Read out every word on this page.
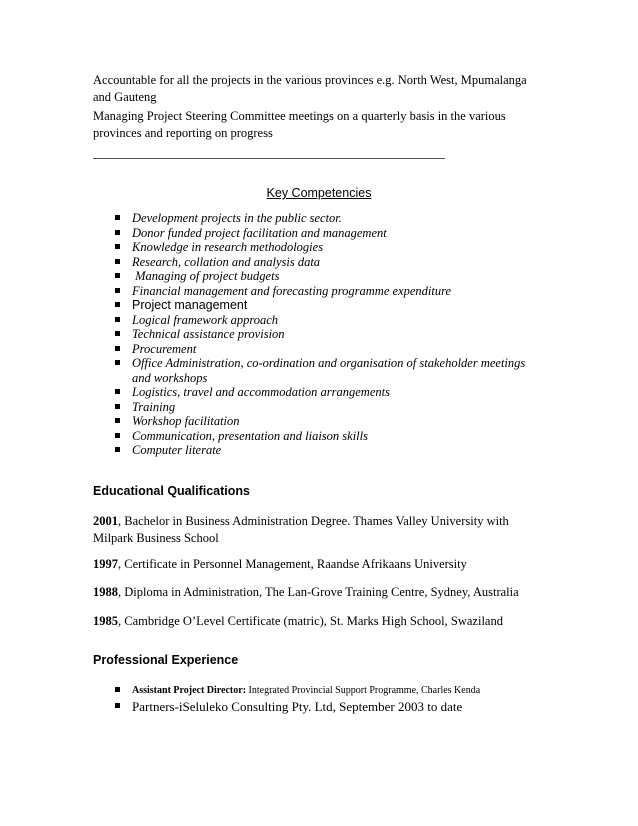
Accountable for all the projects in the various provinces e.g. North West, Mpumalanga and Gauteng
Managing Project Steering Committee meetings on a quarterly basis in the various provinces and reporting on progress
Key Competencies
Development projects in the public sector.
Donor funded project facilitation and management
Knowledge in research methodologies
Research, collation and analysis data
Managing of project budgets
Financial management and forecasting programme expenditure
Project management
Logical framework approach
Technical assistance provision
Procurement
Office Administration, co-ordination and organisation of stakeholder meetings and workshops
Logistics, travel and accommodation arrangements
Training
Workshop facilitation
Communication, presentation and liaison skills
Computer literate
Educational Qualifications
2001, Bachelor in Business Administration Degree. Thames Valley University with Milpark Business School
1997, Certificate in Personnel Management, Raandse Afrikaans University
1988, Diploma in Administration, The Lan-Grove Training Centre, Sydney, Australia
1985, Cambridge O’Level Certificate (matric), St. Marks High School, Swaziland
Professional Experience
Assistant Project Director: Integrated Provincial Support Programme, Charles Kenda
Partners-iSeluleko Consulting Pty. Ltd, September 2003 to date
